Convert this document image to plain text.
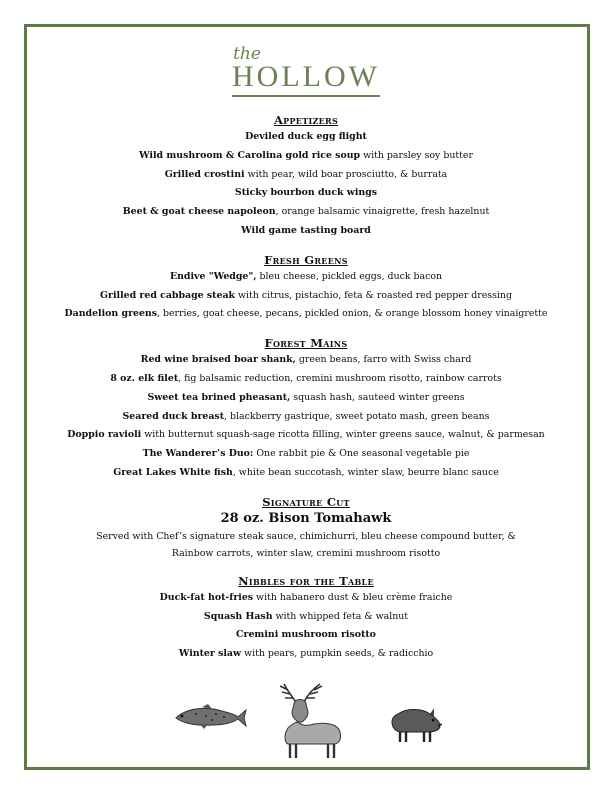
the
HOLLOW
Appetizers
Deviled duck egg flight
Wild mushroom & Carolina gold rice soup with parsley soy butter
Grilled crostini with pear, wild boar prosciutto, & burrata
Sticky bourbon duck wings
Beet & goat cheese napoleon, orange balsamic vinaigrette, fresh hazelnut
Wild game tasting board
Fresh Greens
Endive "Wedge", bleu cheese, pickled eggs, duck bacon
Grilled red cabbage steak with citrus, pistachio, feta & roasted red pepper dressing
Dandelion greens, berries, goat cheese, pecans, pickled onion, & orange blossom honey vinaigrette
Forest Mains
Red wine braised boar shank, green beans, farro with Swiss chard
8 oz. elk filet, fig balsamic reduction, cremini mushroom risotto, rainbow carrots
Sweet tea brined pheasant, squash hash, sauteed winter greens
Seared duck breast, blackberry gastrique, sweet potato mash, green beans
Doppio ravioli with butternut squash-sage ricotta filling, winter greens sauce, walnut, & parmesan
The Wanderer’s Duo: One rabbit pie & One seasonal vegetable pie
Great Lakes White fish, white bean succotash, winter slaw, beurre blanc sauce
Signature Cut
28 oz. Bison Tomahawk
Served with Chef’s signature steak sauce, chimichurri, bleu cheese compound butter, &
Rainbow carrots, winter slaw, cremini mushroom risotto
Nibbles for the Table
Duck-fat hot-fries with habanero dust & bleu crème fraiche
Squash Hash with whipped feta & walnut
Cremini mushroom risotto
Winter slaw with pears, pumpkin seeds, & radicchio
